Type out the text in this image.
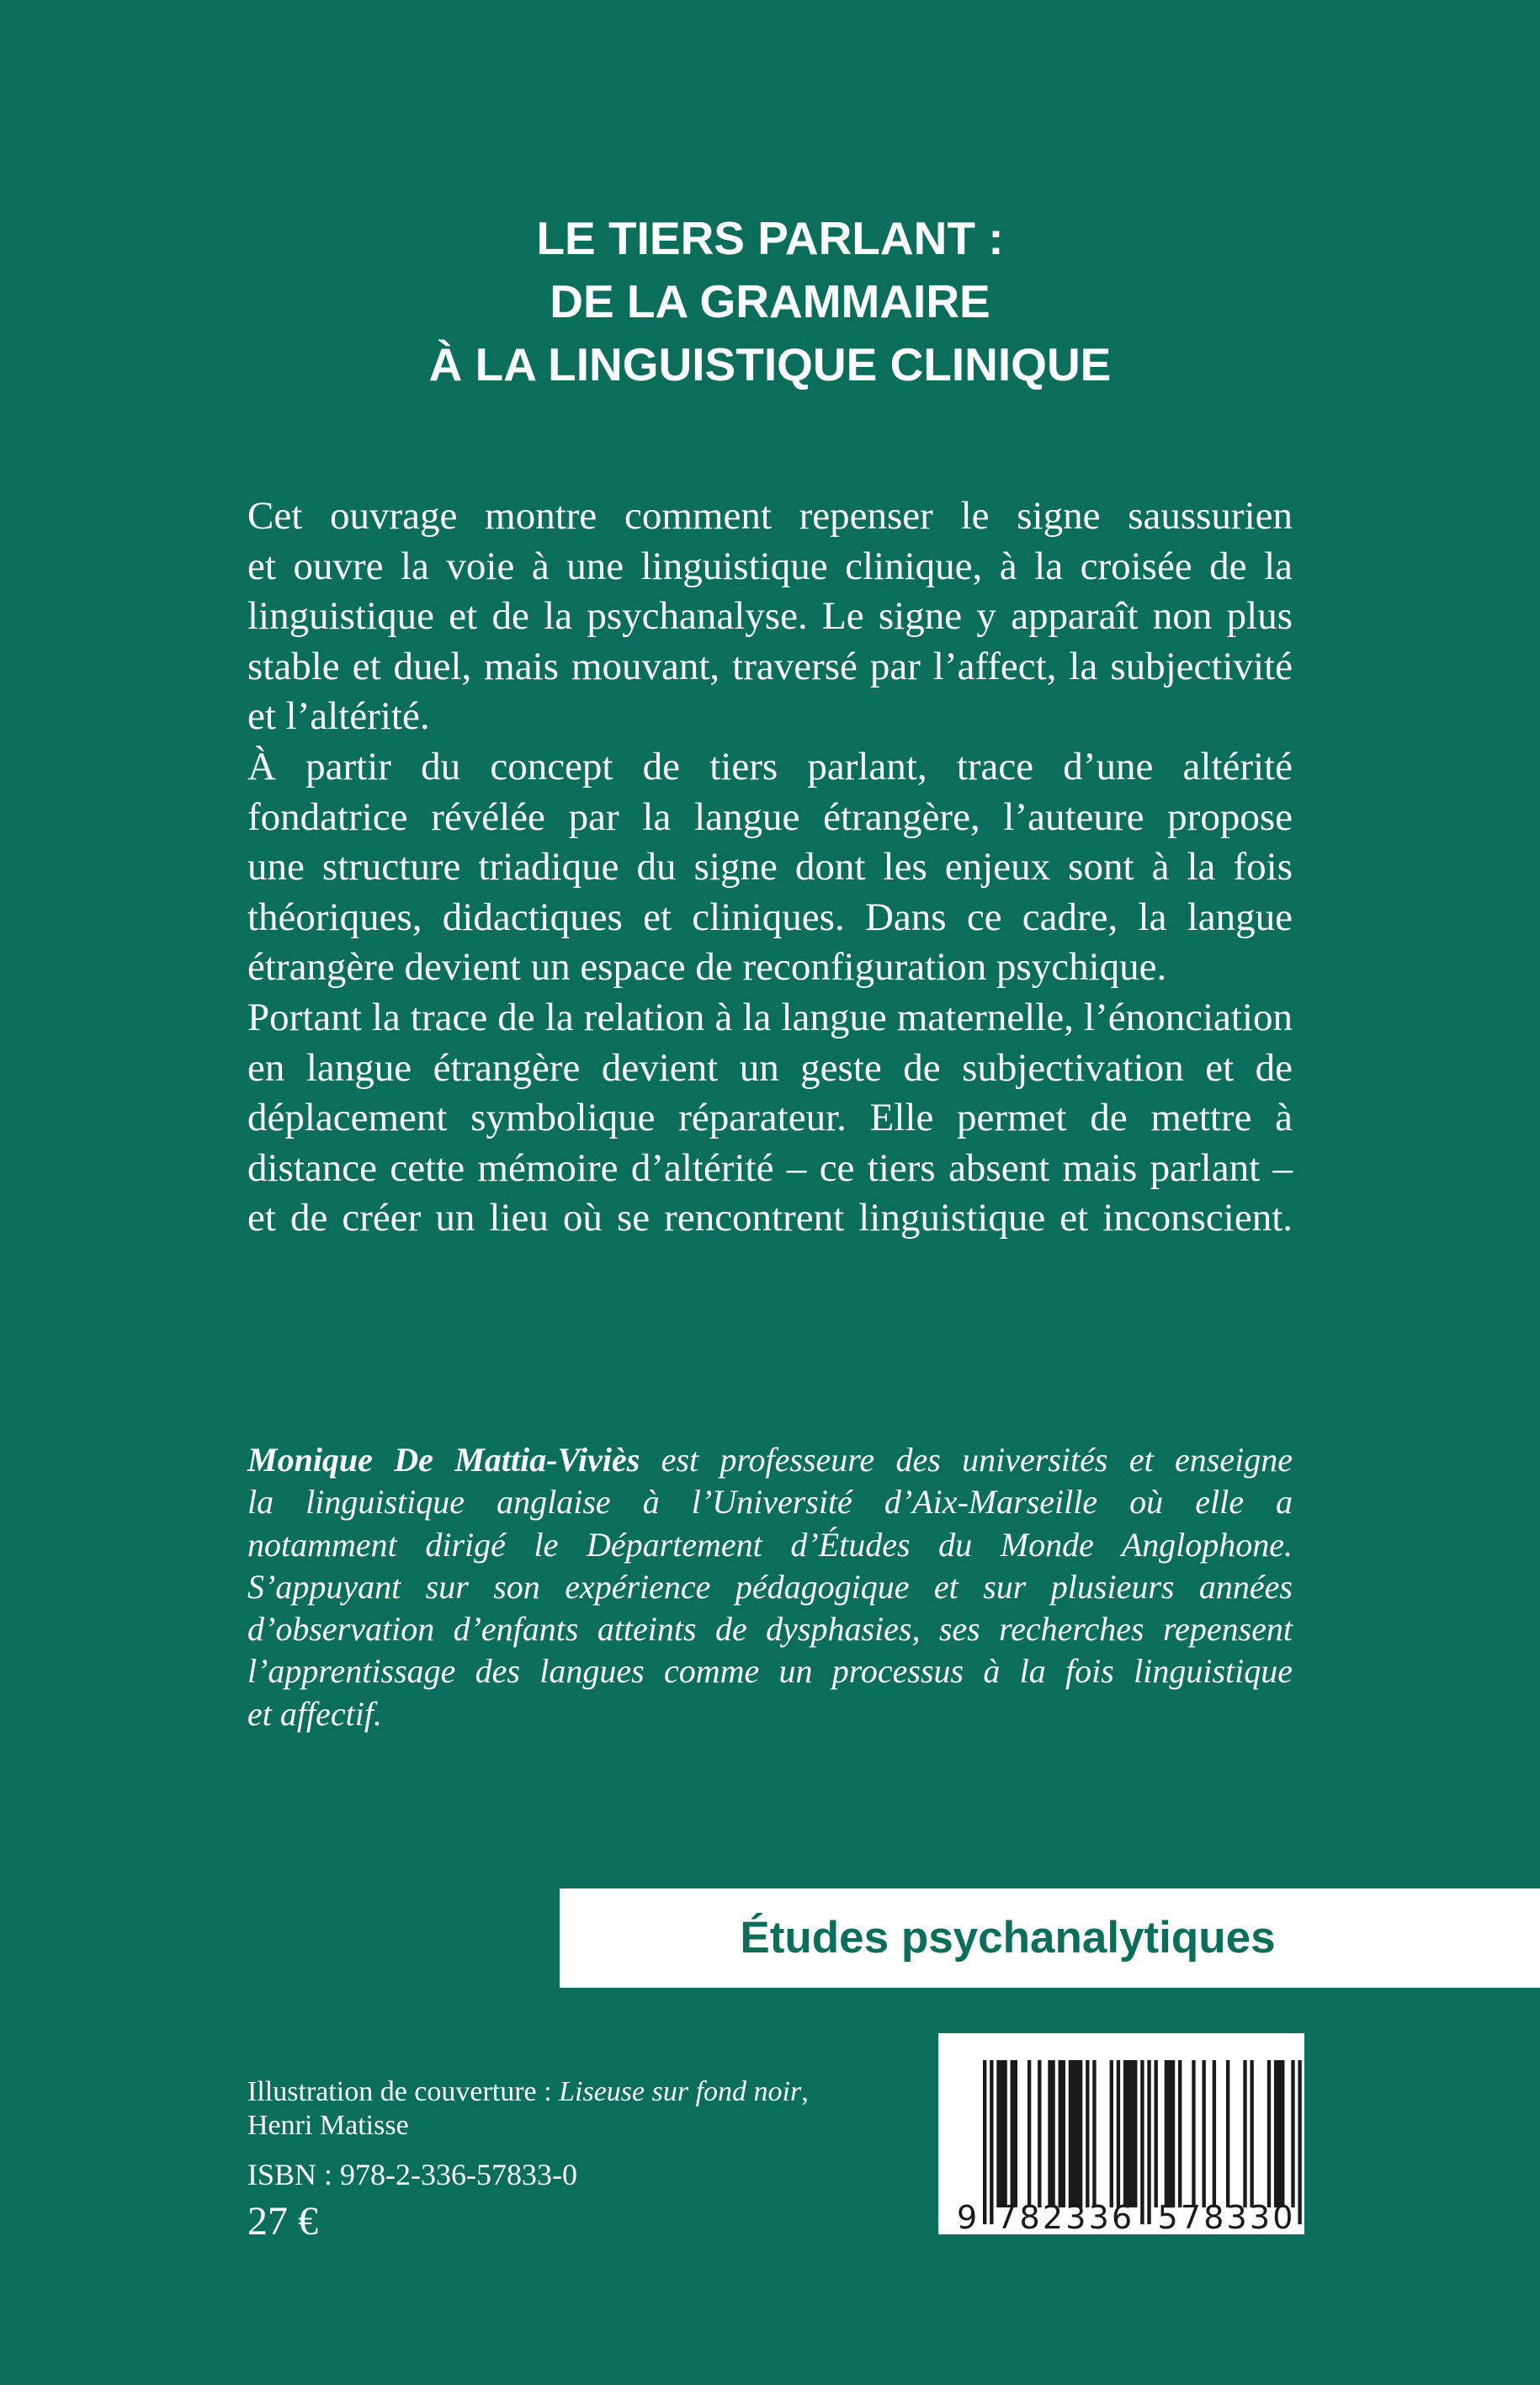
LE TIERS PARLANT :
DE LA GRAMMAIRE
À LA LINGUISTIQUE CLINIQUE
Cet ouvrage montre comment repenser le signe saussurien
et ouvre la voie à une linguistique clinique, à la croisée de la
linguistique et de la psychanalyse. Le signe y apparaît non plus
stable et duel, mais mouvant, traversé par l’affect, la subjectivité
et l’altérité.
À partir du concept de tiers parlant, trace d’une altérité
fondatrice révélée par la langue étrangère, l’auteure propose
une structure triadique du signe dont les enjeux sont à la fois
théoriques, didactiques et cliniques. Dans ce cadre, la langue
étrangère devient un espace de reconfiguration psychique.
Portant la trace de la relation à la langue maternelle, l’énonciation
en langue étrangère devient un geste de subjectivation et de
déplacement symbolique réparateur. Elle permet de mettre à
distance cette mémoire d’altérité – ce tiers absent mais parlant –
et de créer un lieu où se rencontrent linguistique et inconscient.
Monique De Mattia-Viviès est professeure des universités et enseigne
la linguistique anglaise à l’Université d’Aix-Marseille où elle a
notamment dirigé le Département d’Études du Monde Anglophone.
S’appuyant sur son expérience pédagogique et sur plusieurs années
d’observation d’enfants atteints de dysphasies, ses recherches repensent
l’apprentissage des langues comme un processus à la fois linguistique
et affectif.
Études psychanalytiques
Illustration de couverture : Liseuse sur fond noir,
Henri Matisse
ISBN : 978-2-336-57833-0
27 €	9 782336 578330
